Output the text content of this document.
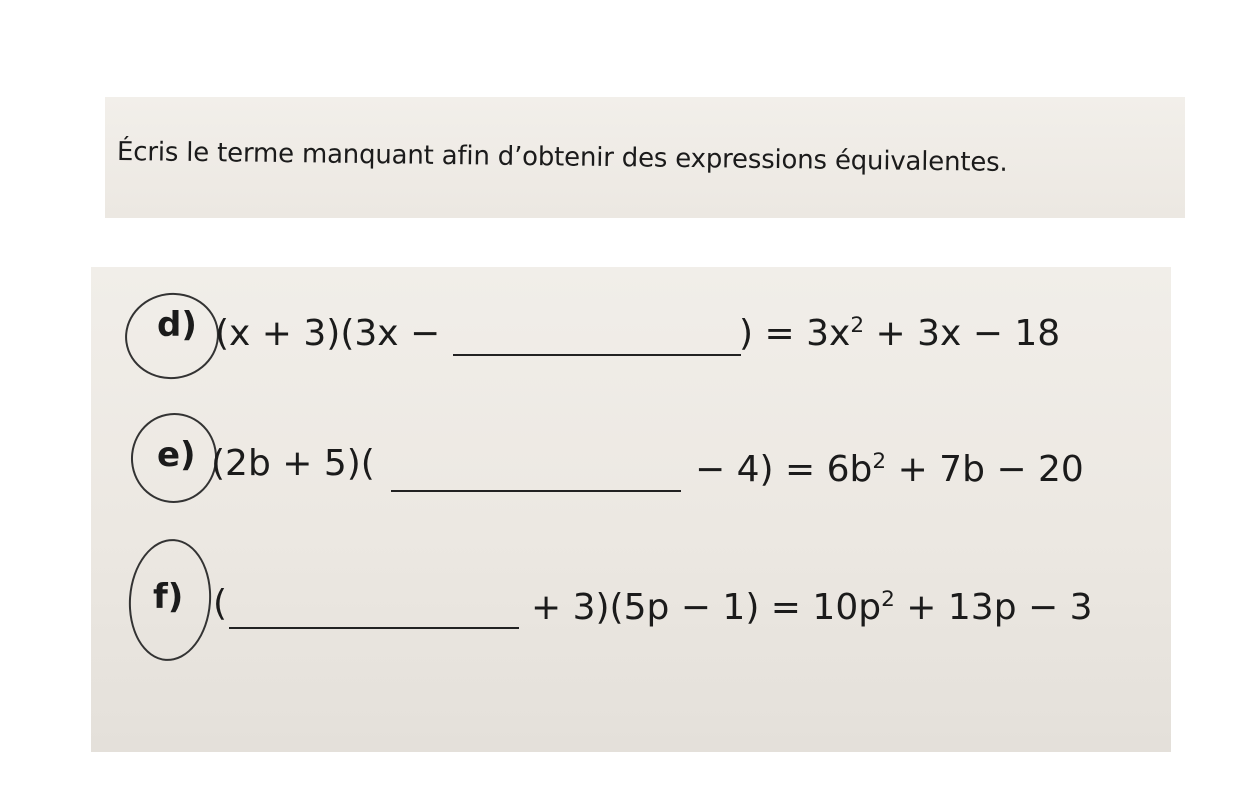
Écris le terme manquant afin d’obtenir des expressions équivalentes.
d) (x + 3)(3x −	) = $3x^2 + 3x - 18$
e) (2b + 5)(	− $4) = 6b^2 + 7b - 20$
f) (	+ $3)(5p - 1) = 10p^2 + 13p - 3$
